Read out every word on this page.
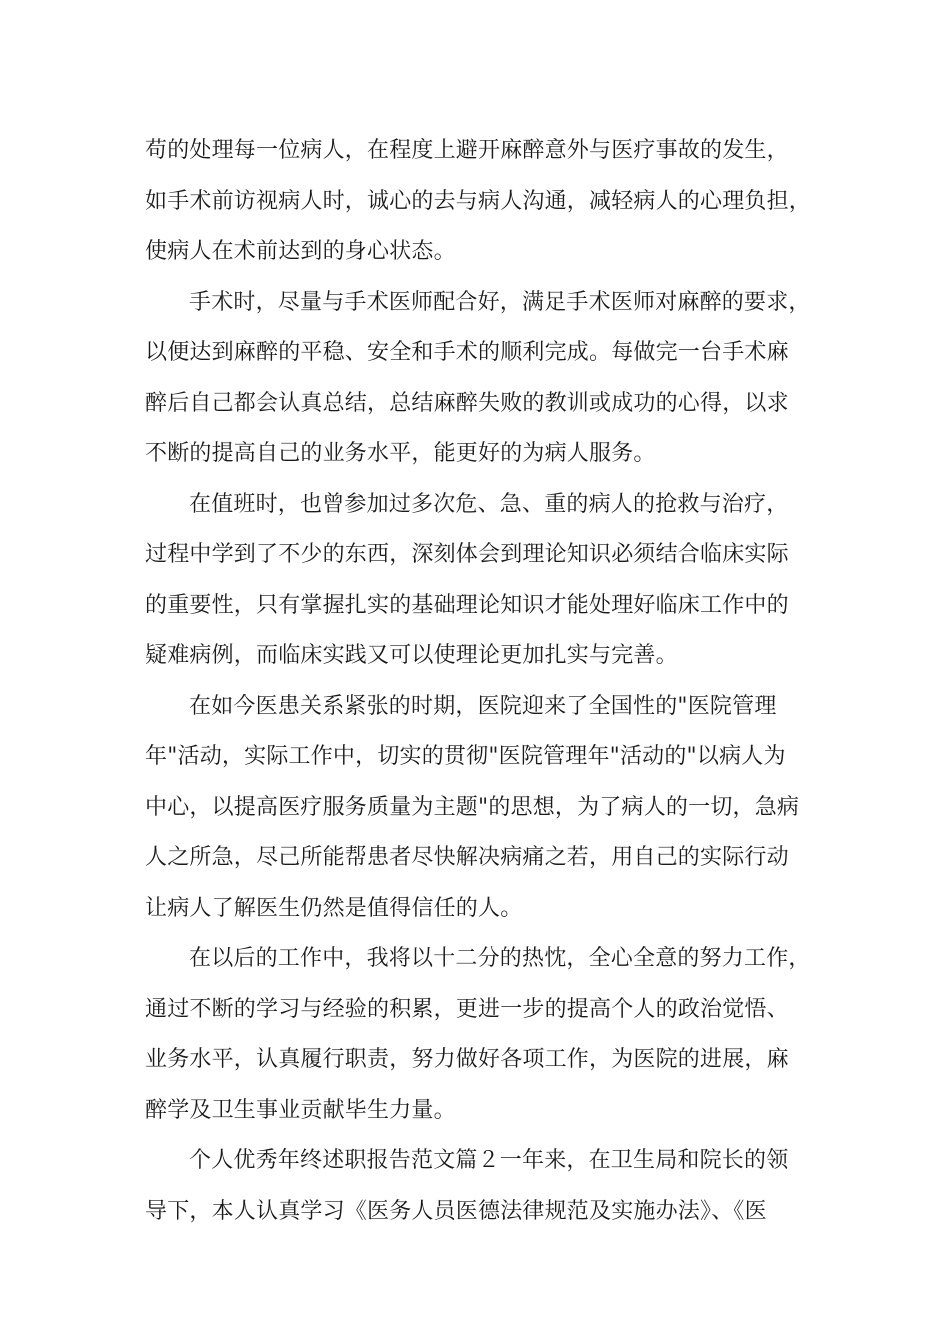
苟的处理每一位病人，在程度上避开麻醉意外与医疗事故的发生，
如手术前访视病人时，诚心的去与病人沟通，减轻病人的心理负担，
使病人在术前达到的身心状态。
手术时，尽量与手术医师配合好，满足手术医师对麻醉的要求，
以便达到麻醉的平稳、安全和手术的顺利完成。每做完一台手术麻
醉后自己都会认真总结，总结麻醉失败的教训或成功的心得，以求
不断的提高自己的业务水平，能更好的为病人服务。
在值班时，也曾参加过多次危、急、重的病人的抢救与治疗，
过程中学到了不少的东西，深刻体会到理论知识必须结合临床实际
的重要性，只有掌握扎实的基础理论知识才能处理好临床工作中的
疑难病例，而临床实践又可以使理论更加扎实与完善。
在如今医患关系紧张的时期，医院迎来了全国性的"医院管理
年"活动，实际工作中，切实的贯彻"医院管理年"活动的"以病人为
中心，以提高医疗服务质量为主题"的思想，为了病人的一切，急病
人之所急，尽己所能帮患者尽快解决病痛之若，用自己的实际行动
让病人了解医生仍然是值得信任的人。
在以后的工作中，我将以十二分的热忱，全心全意的努力工作，
通过不断的学习与经验的积累，更进一步的提高个人的政治觉悟、
业务水平，认真履行职责，努力做好各项工作，为医院的进展，麻
醉学及卫生事业贡献毕生力量。
个人优秀年终述职报告范文篇２一年来，在卫生局和院长的领
导下，本人认真学习《医务人员医德法律规范及实施办法》、《医
